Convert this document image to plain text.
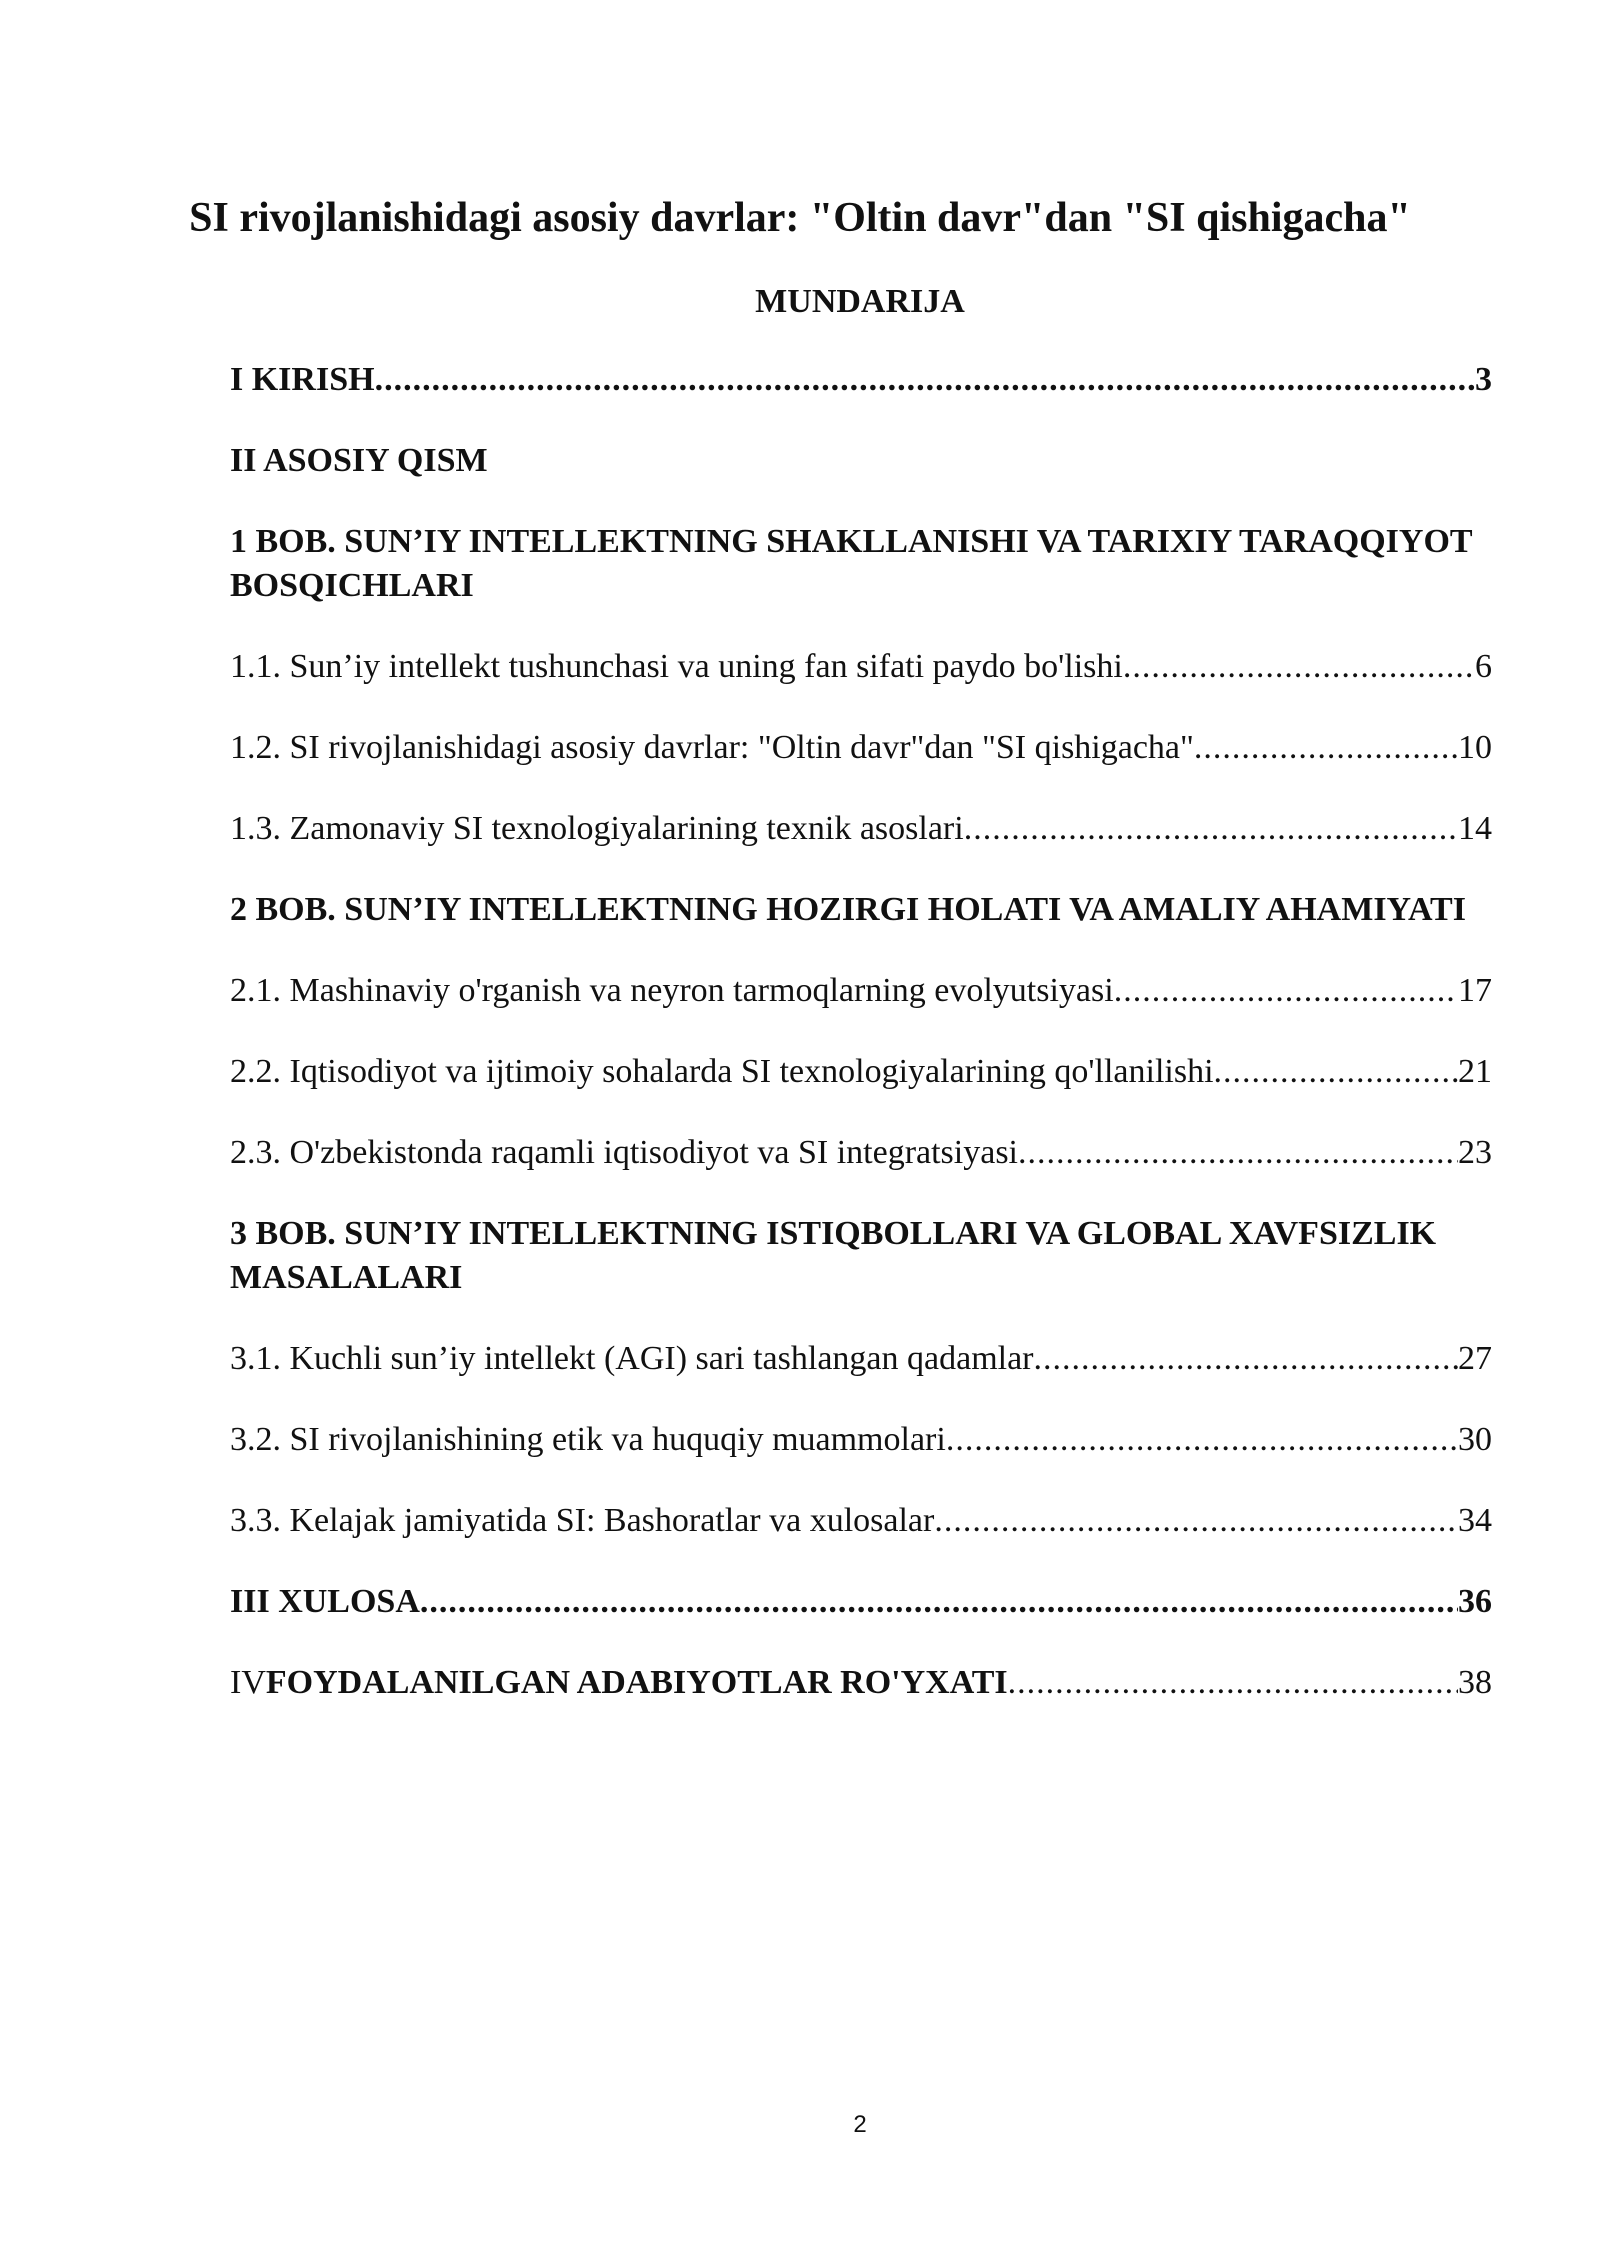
SI rivojlanishidagi asosiy davrlar: "Oltin davr"dan "SI qishigacha"
MUNDARIJA
I KIRISH .....	3
II ASOSIY QISM
1 BOB. SUN’IY INTELLEKTNING SHAKLLANISHI VA TARIXIY TARAQQIYOT BOSQICHLARI
1.1. Sun’iy intellekt tushunchasi va uning fan sifati paydo bo'lishi .....	6
1.2. SI rivojlanishidagi asosiy davrlar: "Oltin davr"dan "SI qishigacha" .....	10
1.3. Zamonaviy SI texnologiyalarining texnik asoslari .....	14
2 BOB. SUN’IY INTELLEKTNING HOZIRGI HOLATI VA AMALIY AHAMIYATI
2.1. Mashinaviy o'rganish va neyron tarmoqlarning evolyutsiyasi .....	17
2.2. Iqtisodiyot va ijtimoiy sohalarda SI texnologiyalarining qo'llanilishi .....	21
2.3. O'zbekistonda raqamli iqtisodiyot va SI integratsiyasi .....	23
3 BOB. SUN’IY INTELLEKTNING ISTIQBOLLARI VA GLOBAL XAVFSIZLIK MASALALARI
3.1. Kuchli sun’iy intellekt (AGI) sari tashlangan qadamlar .....	27
3.2. SI rivojlanishining etik va huquqiy muammolari .....	30
3.3. Kelajak jamiyatida SI: Bashoratlar va xulosalar .....	34
III XULOSA .....	36
IV FOYDALANILGAN ADABIYOTLAR RO'YXATI .....	38
2
